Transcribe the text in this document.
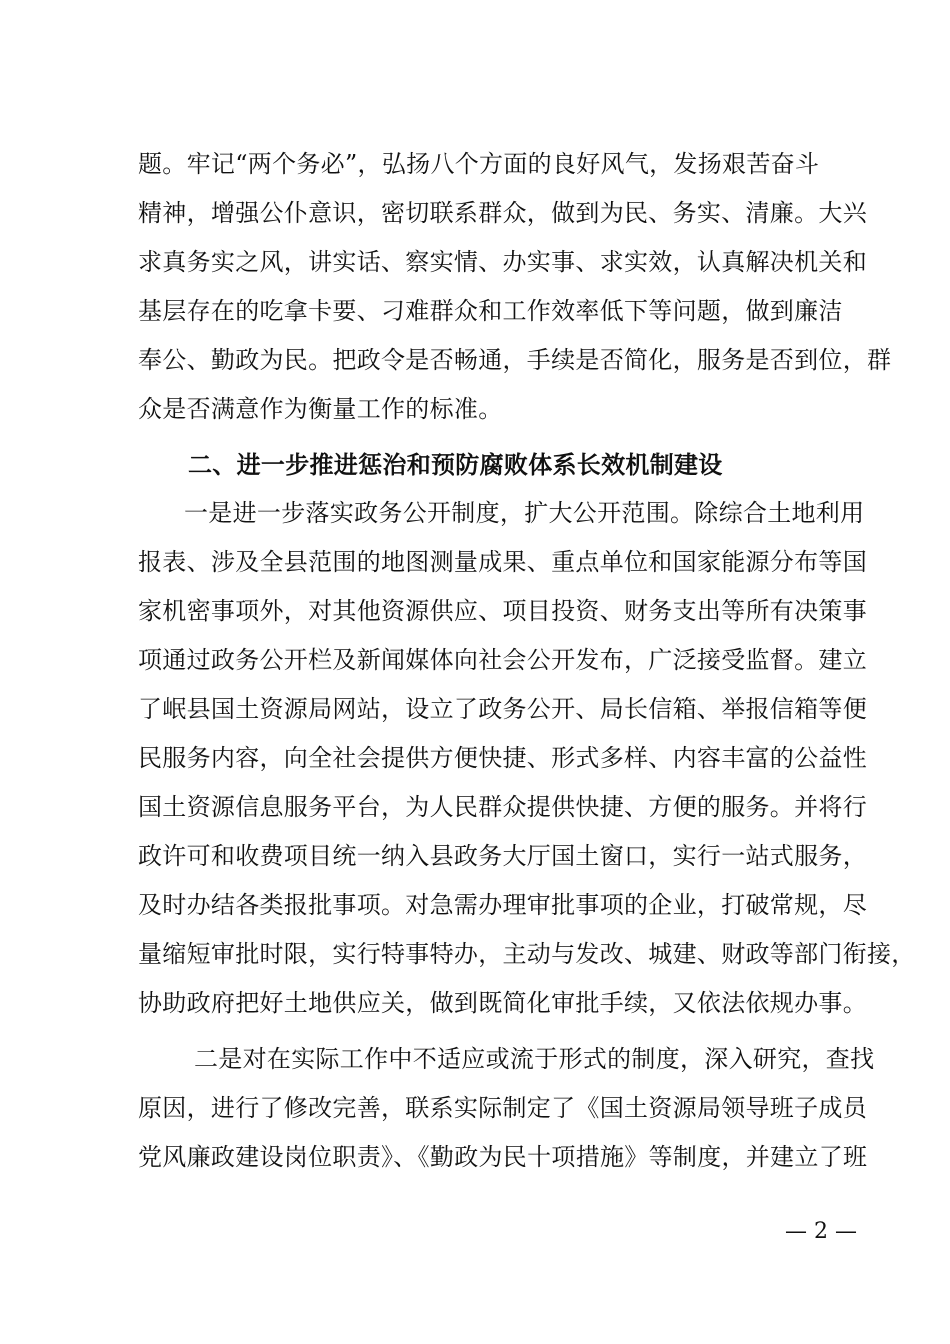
题。牢记“两个务必”，弘扬八个方面的良好风气，发扬艰苦奋斗
精神，增强公仆意识，密切联系群众，做到为民、务实、清廉。大兴
求真务实之风，讲实话、察实情、办实事、求实效，认真解决机关和
基层存在的吃拿卡要、刁难群众和工作效率低下等问题，做到廉洁
奉公、勤政为民。把政令是否畅通，手续是否简化，服务是否到位，群
众是否满意作为衡量工作的标准。
二、进一步推进惩治和预防腐败体系长效机制建设
一是进一步落实政务公开制度，扩大公开范围。除综合土地利用
报表、涉及全县范围的地图测量成果、重点单位和国家能源分布等国
家机密事项外，对其他资源供应、项目投资、财务支出等所有决策事
项通过政务公开栏及新闻媒体向社会公开发布，广泛接受监督。建立
了岷县国土资源局网站，设立了政务公开、局长信箱、举报信箱等便
民服务内容，向全社会提供方便快捷、形式多样、内容丰富的公益性
国土资源信息服务平台，为人民群众提供快捷、方便的服务。并将行
政许可和收费项目统一纳入县政务大厅国土窗口，实行一站式服务，
及时办结各类报批事项。对急需办理审批事项的企业，打破常规，尽
量缩短审批时限，实行特事特办，主动与发改、城建、财政等部门衔接，
协助政府把好土地供应关，做到既简化审批手续，又依法依规办事。
二是对在实际工作中不适应或流于形式的制度，深入研究，查找
原因，进行了修改完善，联系实际制定了《国土资源局领导班子成员
党风廉政建设岗位职责》、《勤政为民十项措施》等制度，并建立了班
— 2 —
